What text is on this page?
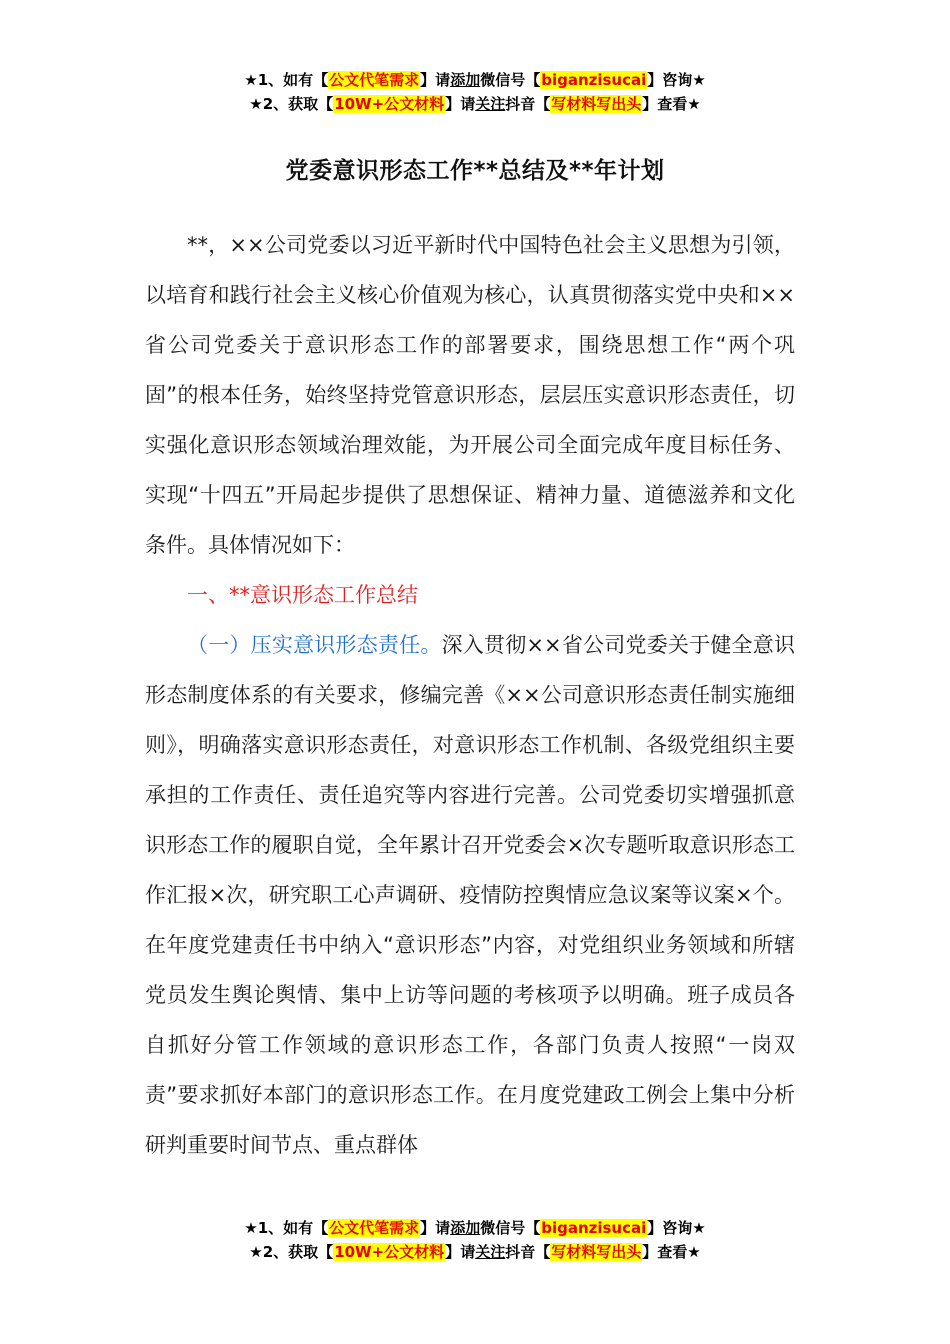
★1、如有【公文代笔需求】请添加微信号【biganzisucai】咨询★
★2、获取【10W+公文材料】请关注抖音【写材料写出头】查看★
党委意识形态工作**总结及**年计划

**，××公司党委以习近平新时代中国特色社会主义思想为引领，以培育和践行社会主义核心价值观为核心，认真贯彻落实党中央和××省公司党委关于意识形态工作的部署要求，围绕思想工作“两个巩固”的根本任务，始终坚持党管意识形态，层层压实意识形态责任，切实强化意识形态领域治理效能，为开展公司全面完成年度目标任务、实现“十四五”开局起步提供了思想保证、精神力量、道德滋养和文化条件。具体情况如下：

一、**意识形态工作总结

（一）压实意识形态责任。深入贯彻××省公司党委关于健全意识形态制度体系的有关要求，修编完善《××公司意识形态责任制实施细则》，明确落实意识形态责任，对意识形态工作机制、各级党组织主要承担的工作责任、责任追究等内容进行完善。公司党委切实增强抓意识形态工作的履职自觉，全年累计召开党委会×次专题听取意识形态工作汇报×次，研究职工心声调研、疫情防控舆情应急议案等议案×个。在年度党建责任书中纳入“意识形态”内容，对党组织业务领域和所辖党员发生舆论舆情、集中上访等问题的考核项予以明确。班子成员各自抓好分管工作领域的意识形态工作，各部门负责人按照“一岗双责”要求抓好本部门的意识形态工作。在月度党建政工例会上集中分析研判重要时间节点、重点群体

★1、如有【公文代笔需求】请添加微信号【biganzisucai】咨询★
★2、获取【10W+公文材料】请关注抖音【写材料写出头】查看★
